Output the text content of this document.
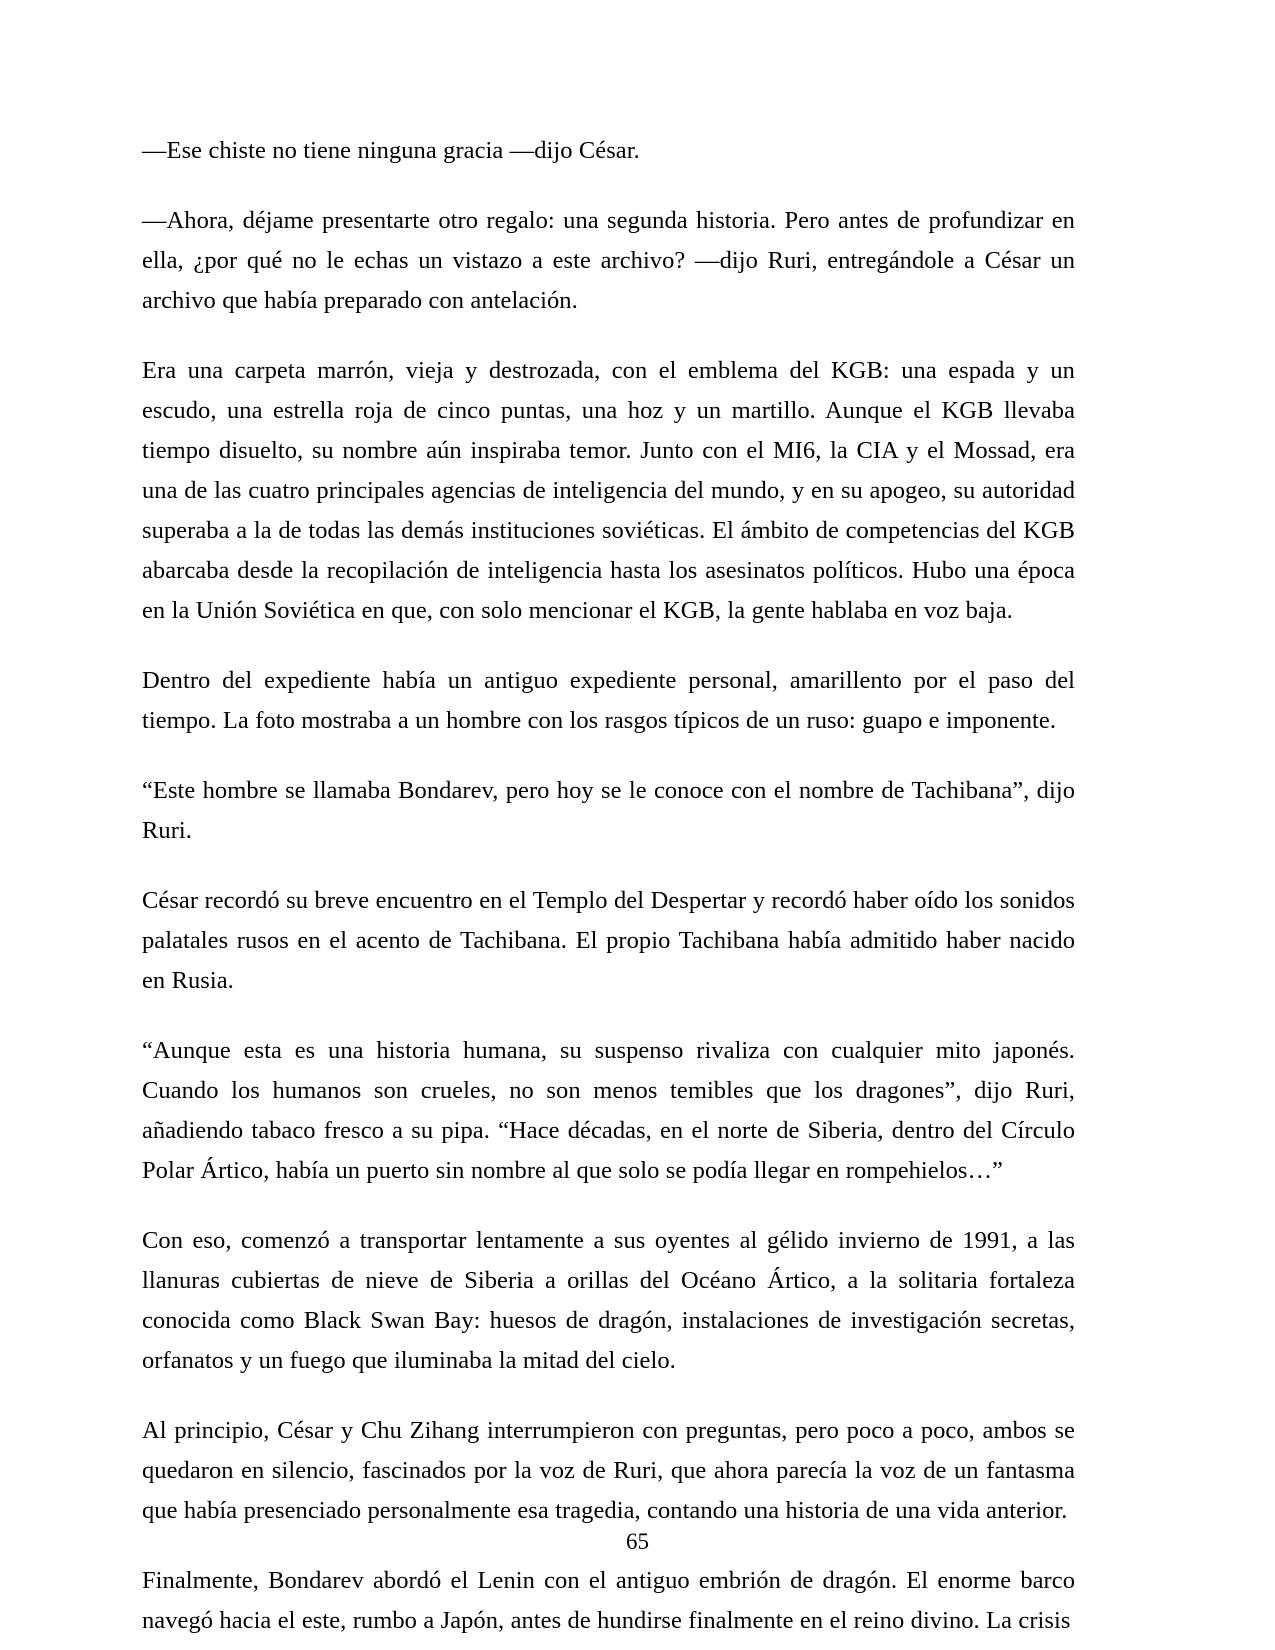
—Ese chiste no tiene ninguna gracia —dijo César.

—Ahora, déjame presentarte otro regalo: una segunda historia. Pero antes de profundizar en ella, ¿por qué no le echas un vistazo a este archivo? —dijo Ruri, entregándole a César un archivo que había preparado con antelación.

Era una carpeta marrón, vieja y destrozada, con el emblema del KGB: una espada y un escudo, una estrella roja de cinco puntas, una hoz y un martillo. Aunque el KGB llevaba tiempo disuelto, su nombre aún inspiraba temor. Junto con el MI6, la CIA y el Mossad, era una de las cuatro principales agencias de inteligencia del mundo, y en su apogeo, su autoridad superaba a la de todas las demás instituciones soviéticas. El ámbito de competencias del KGB abarcaba desde la recopilación de inteligencia hasta los asesinatos políticos. Hubo una época en la Unión Soviética en que, con solo mencionar el KGB, la gente hablaba en voz baja.

Dentro del expediente había un antiguo expediente personal, amarillento por el paso del tiempo. La foto mostraba a un hombre con los rasgos típicos de un ruso: guapo e imponente.

“Este hombre se llamaba Bondarev, pero hoy se le conoce con el nombre de Tachibana”, dijo Ruri.

César recordó su breve encuentro en el Templo del Despertar y recordó haber oído los sonidos palatales rusos en el acento de Tachibana. El propio Tachibana había admitido haber nacido en Rusia.

“Aunque esta es una historia humana, su suspenso rivaliza con cualquier mito japonés. Cuando los humanos son crueles, no son menos temibles que los dragones”, dijo Ruri, añadiendo tabaco fresco a su pipa. “Hace décadas, en el norte de Siberia, dentro del Círculo Polar Ártico, había un puerto sin nombre al que solo se podía llegar en rompehielos…”

Con eso, comenzó a transportar lentamente a sus oyentes al gélido invierno de 1991, a las llanuras cubiertas de nieve de Siberia a orillas del Océano Ártico, a la solitaria fortaleza conocida como Black Swan Bay: huesos de dragón, instalaciones de investigación secretas, orfanatos y un fuego que iluminaba la mitad del cielo.

Al principio, César y Chu Zihang interrumpieron con preguntas, pero poco a poco, ambos se quedaron en silencio, fascinados por la voz de Ruri, que ahora parecía la voz de un fantasma que había presenciado personalmente esa tragedia, contando una historia de una vida anterior.

Finalmente, Bondarev abordó el Lenin con el antiguo embrión de dragón. El enorme barco navegó hacia el este, rumbo a Japón, antes de hundirse finalmente en el reino divino. La crisis

65
